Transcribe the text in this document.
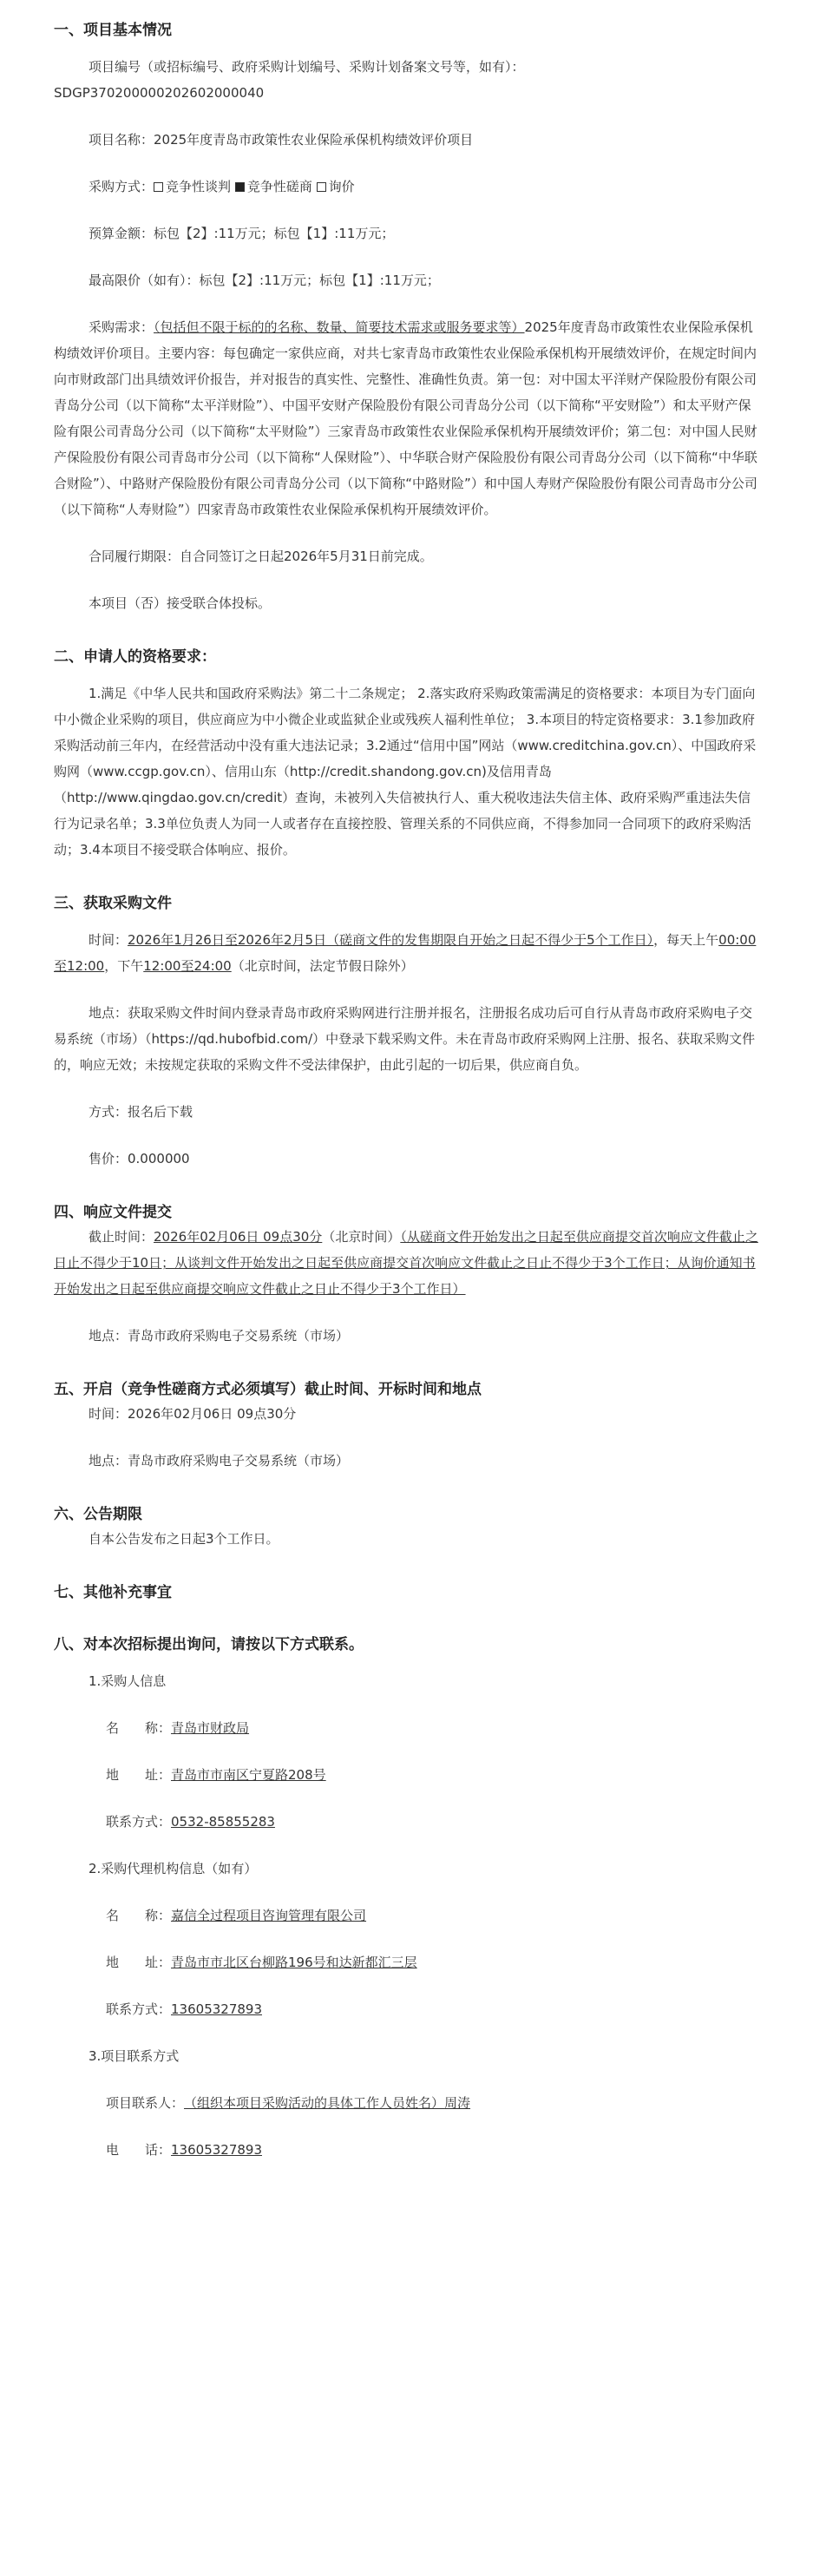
一、项目基本情况
项目编号（或招标编号、政府采购计划编号、采购计划备案文号等，如有）：
SDGP370200000202602000040
项目名称：2025年度青岛市政策性农业保险承保机构绩效评价项目
采购方式： 竞争性谈判 竞争性磋商 询价
预算金额：标包【2】:11万元；标包【1】:11万元；
最高限价（如有）：标包【2】:11万元；标包【1】:11万元；
采购需求：（包括但不限于标的的名称、数量、简要技术需求或服务要求等）2025年度青岛市政策性农业保险承保机构绩效评价项目。主要内容：每包确定一家供应商，对共七家青岛市政策性农业保险承保机构开展绩效评价，在规定时间内向市财政部门出具绩效评价报告，并对报告的真实性、完整性、准确性负责。第一包：对中国太平洋财产保险股份有限公司青岛分公司（以下简称“太平洋财险”）、中国平安财产保险股份有限公司青岛分公司（以下简称“平安财险”）和太平财产保险有限公司青岛分公司（以下简称“太平财险”）三家青岛市政策性农业保险承保机构开展绩效评价；第二包：对中国人民财产保险股份有限公司青岛市分公司（以下简称“人保财险”）、中华联合财产保险股份有限公司青岛分公司（以下简称“中华联合财险”）、中路财产保险股份有限公司青岛分公司（以下简称“中路财险”）和中国人寿财产保险股份有限公司青岛市分公司（以下简称“人寿财险”）四家青岛市政策性农业保险承保机构开展绩效评价。
合同履行期限：自合同签订之日起2026年5月31日前完成。
本项目（否）接受联合体投标。
二、申请人的资格要求：
1.满足《中华人民共和国政府采购法》第二十二条规定； 2.落实政府采购政策需满足的资格要求：本项目为专门面向中小微企业采购的项目，供应商应为中小微企业或监狱企业或残疾人福利性单位； 3.本项目的特定资格要求：3.1参加政府采购活动前三年内，在经营活动中没有重大违法记录；3.2通过“信用中国”网站（www.creditchina.gov.cn）、中国政府采购网（www.ccgp.gov.cn）、信用山东（http://credit.shandong.gov.cn)及信用青岛（http://www.qingdao.gov.cn/credit）查询，未被列入失信被执行人、重大税收违法失信主体、政府采购严重违法失信行为记录名单；3.3单位负责人为同一人或者存在直接控股、管理关系的不同供应商，不得参加同一合同项下的政府采购活动；3.4本项目不接受联合体响应、报价。
三、获取采购文件
时间：2026年1月26日至2026年2月5日（磋商文件的发售期限自开始之日起不得少于5个工作日），每天上午00:00至12:00，下午12:00至24:00（北京时间，法定节假日除外）
地点：获取采购文件时间内登录青岛市政府采购网进行注册并报名，注册报名成功后可自行从青岛市政府采购电子交易系统（市场）（https://qd.hubofbid.com/）中登录下载采购文件。未在青岛市政府采购网上注册、报名、获取采购文件的，响应无效；未按规定获取的采购文件不受法律保护，由此引起的一切后果，供应商自负。
方式：报名后下载
售价：0.000000
四、响应文件提交
截止时间：2026年02月06日 09点30分（北京时间）（从磋商文件开始发出之日起至供应商提交首次响应文件截止之日止不得少于10日；从谈判文件开始发出之日起至供应商提交首次响应文件截止之日止不得少于3个工作日；从询价通知书开始发出之日起至供应商提交响应文件截止之日止不得少于3个工作日）
地点：青岛市政府采购电子交易系统（市场）
五、开启（竞争性磋商方式必须填写）截止时间、开标时间和地点
时间：2026年02月06日 09点30分
地点：青岛市政府采购电子交易系统（市场）
六、公告期限
自本公告发布之日起3个工作日。
七、其他补充事宜
八、对本次招标提出询问，请按以下方式联系。
1.采购人信息
名　　称：青岛市财政局
地　　址：青岛市市南区宁夏路208号
联系方式：0532-85855283
2.采购代理机构信息（如有）
名　　称：嘉信全过程项目咨询管理有限公司
地　　址：青岛市市北区台柳路196号和达新都汇三层
联系方式：13605327893
3.项目联系方式
项目联系人：（组织本项目采购活动的具体工作人员姓名）周涛
电　　话：13605327893
